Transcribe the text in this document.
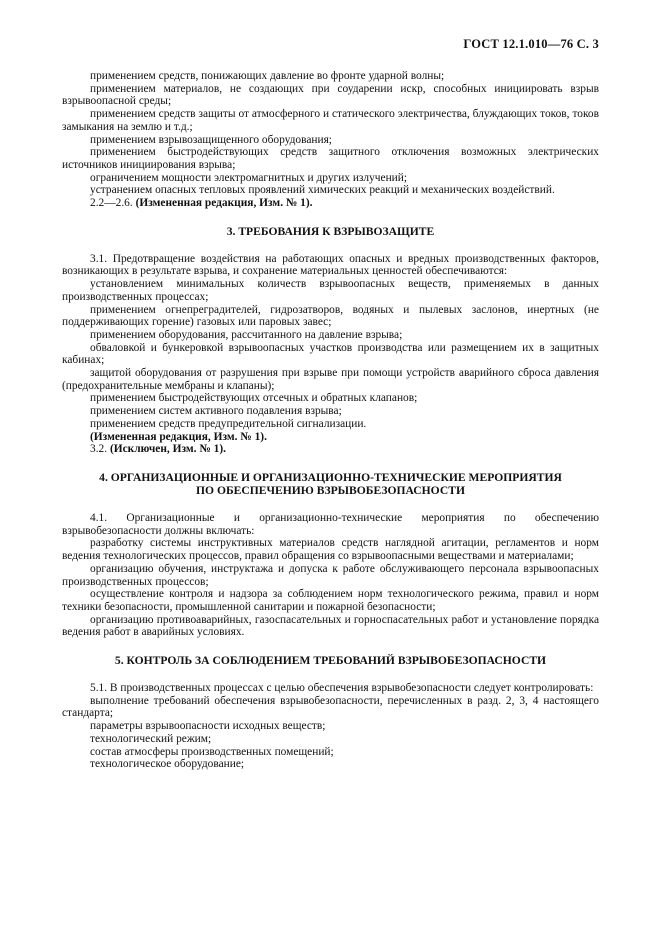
ГОСТ 12.1.010—76 С. 3

применением средств, понижающих давление во фронте ударной волны;

применением материалов, не создающих при соударении искр, способных инициировать взрыв взрывоопасной среды;

применением средств защиты от атмосферного и статического электричества, блуждающих токов, токов замыкания на землю и т.д.;

применением взрывозащищенного оборудования;

применением быстродействующих средств защитного отключения возможных электрических источников инициирования взрыва;

ограничением мощности электромагнитных и других излучений;

устранением опасных тепловых проявлений химических реакций и механических воздействий.

2.2—2.6. (Измененная редакция, Изм. № 1).

3. ТРЕБОВАНИЯ К ВЗРЫВОЗАЩИТЕ

3.1. Предотвращение воздействия на работающих опасных и вредных производственных факторов, возникающих в результате взрыва, и сохранение материальных ценностей обеспечиваются:

установлением минимальных количеств взрывоопасных веществ, применяемых в данных производственных процессах;

применением огнепреградителей, гидрозатворов, водяных и пылевых заслонов, инертных (не поддерживающих горение) газовых или паровых завес;

применением оборудования, рассчитанного на давление взрыва;

обваловкой и бункеровкой взрывоопасных участков производства или размещением их в защитных кабинах;

защитой оборудования от разрушения при взрыве при помощи устройств аварийного сброса давления (предохранительные мембраны и клапаны);

применением быстродействующих отсечных и обратных клапанов;

применением систем активного подавления взрыва;

применением средств предупредительной сигнализации.

(Измененная редакция, Изм. № 1).

3.2. (Исключен, Изм. № 1).

4. ОРГАНИЗАЦИОННЫЕ И ОРГАНИЗАЦИОННО-ТЕХНИЧЕСКИЕ МЕРОПРИЯТИЯ
ПО ОБЕСПЕЧЕНИЮ ВЗРЫВОБЕЗОПАСНОСТИ

4.1. Организационные и организационно-технические мероприятия по обеспечению взрывобезопасности должны включать:

разработку системы инструктивных материалов средств наглядной агитации, регламентов и норм ведения технологических процессов, правил обращения со взрывоопасными веществами и материалами;

организацию обучения, инструктажа и допуска к работе обслуживающего персонала взрывоопасных производственных процессов;

осуществление контроля и надзора за соблюдением норм технологического режима, правил и норм техники безопасности, промышленной санитарии и пожарной безопасности;

организацию противоаварийных, газоспасательных и горноспасательных работ и установление порядка ведения работ в аварийных условиях.

5. КОНТРОЛЬ ЗА СОБЛЮДЕНИЕМ ТРЕБОВАНИЙ ВЗРЫВОБЕЗОПАСНОСТИ

5.1. В производственных процессах с целью обеспечения взрывобезопасности следует контролировать:

выполнение требований обеспечения взрывобезопасности, перечисленных в разд. 2, 3, 4 настоящего стандарта;

параметры взрывоопасности исходных веществ;

технологический режим;

состав атмосферы производственных помещений;

технологическое оборудование;
